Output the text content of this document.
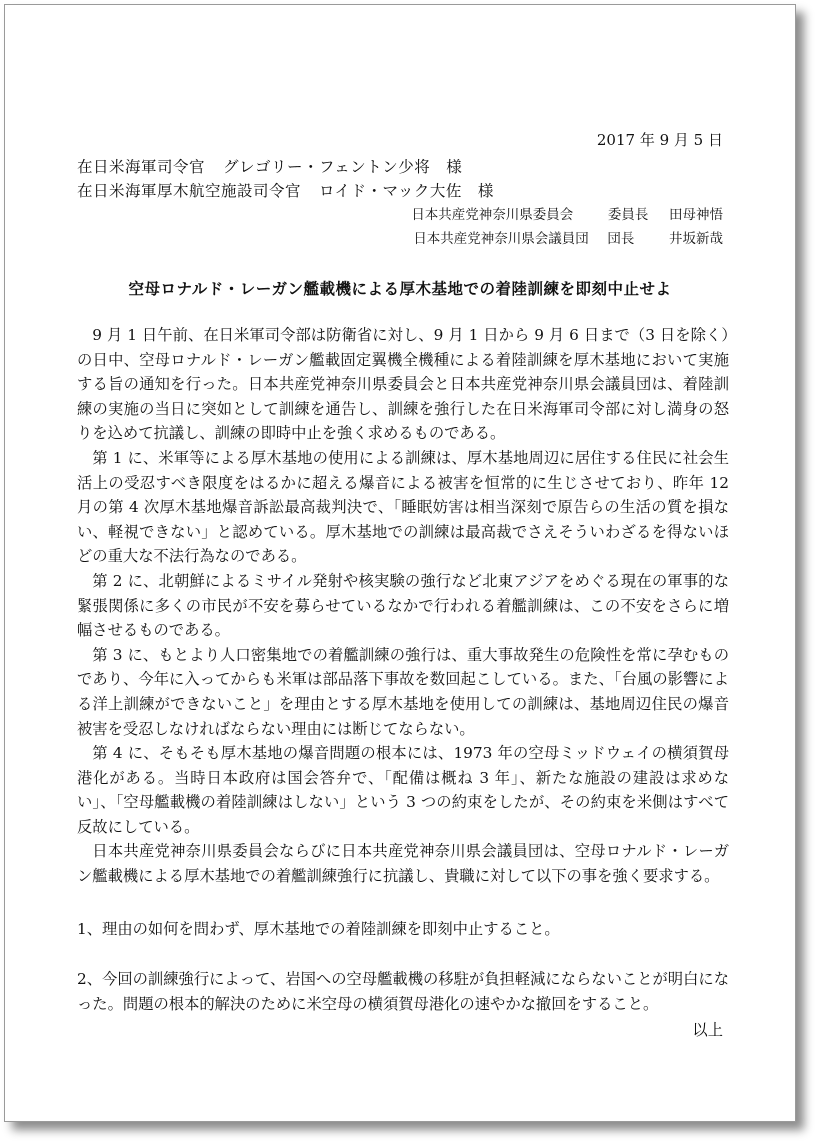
2017 年 9 月 5 日
在日米海軍司令官 グレゴリー・フェントン少将　様
在日米海軍厚木航空施設司令官 ロイド・マック大佐　様
日本共産党神奈川県委員会	委員長 田母神悟
日本共産党神奈川県会議員団 団長	井坂新哉
空母ロナルド・レーガン艦載機による厚木基地での着陸訓練を即刻中止せよ

9 月 1 日午前、在日米軍司令部は防衛省に対し、9 月 1 日から 9 月 6 日まで（3 日を除く）の日中、空母ロナルド・レーガン艦載固定翼機全機種による着陸訓練を厚木基地において実施する旨の通知を行った。日本共産党神奈川県委員会と日本共産党神奈川県会議員団は、着陸訓練の実施の当日に突如として訓練を通告し、訓練を強行した在日米海軍司令部に対し満身の怒りを込めて抗議し、訓練の即時中止を強く求めるものである。

第 1 に、米軍等による厚木基地の使用による訓練は、厚木基地周辺に居住する住民に社会生活上の受忍すべき限度をはるかに超える爆音による被害を恒常的に生じさせており、昨年 12 月の第 4 次厚木基地爆音訴訟最高裁判決で、「睡眠妨害は相当深刻で原告らの生活の質を損ない、軽視できない」と認めている。厚木基地での訓練は最高裁でさえそういわざるを得ないほどの重大な不法行為なのである。

第 2 に、北朝鮮によるミサイル発射や核実験の強行など北東アジアをめぐる現在の軍事的な緊張関係に多くの市民が不安を募らせているなかで行われる着艦訓練は、この不安をさらに増幅させるものである。

第 3 に、もとより人口密集地での着艦訓練の強行は、重大事故発生の危険性を常に孕むものであり、今年に入ってからも米軍は部品落下事故を数回起こしている。また、「台風の影響による洋上訓練ができないこと」を理由とする厚木基地を使用しての訓練は、基地周辺住民の爆音被害を受忍しなければならない理由には断じてならない。

第 4 に、そもそも厚木基地の爆音問題の根本には、1973 年の空母ミッドウェイの横須賀母港化がある。当時日本政府は国会答弁で、「配備は概ね 3 年」、新たな施設の建設は求めない」、「空母艦載機の着陸訓練はしない」という 3 つの約束をしたが、その約束を米側はすべて反故にしている。

日本共産党神奈川県委員会ならびに日本共産党神奈川県会議員団は、空母ロナルド・レーガン艦載機による厚木基地での着艦訓練強行に抗議し、貴職に対して以下の事を強く要求する。

1、理由の如何を問わず、厚木基地での着陸訓練を即刻中止すること。
2、今回の訓練強行によって、岩国への空母艦載機の移駐が負担軽減にならないことが明白になった。問題の根本的解決のために米空母の横須賀母港化の速やかな撤回をすること。
以上
